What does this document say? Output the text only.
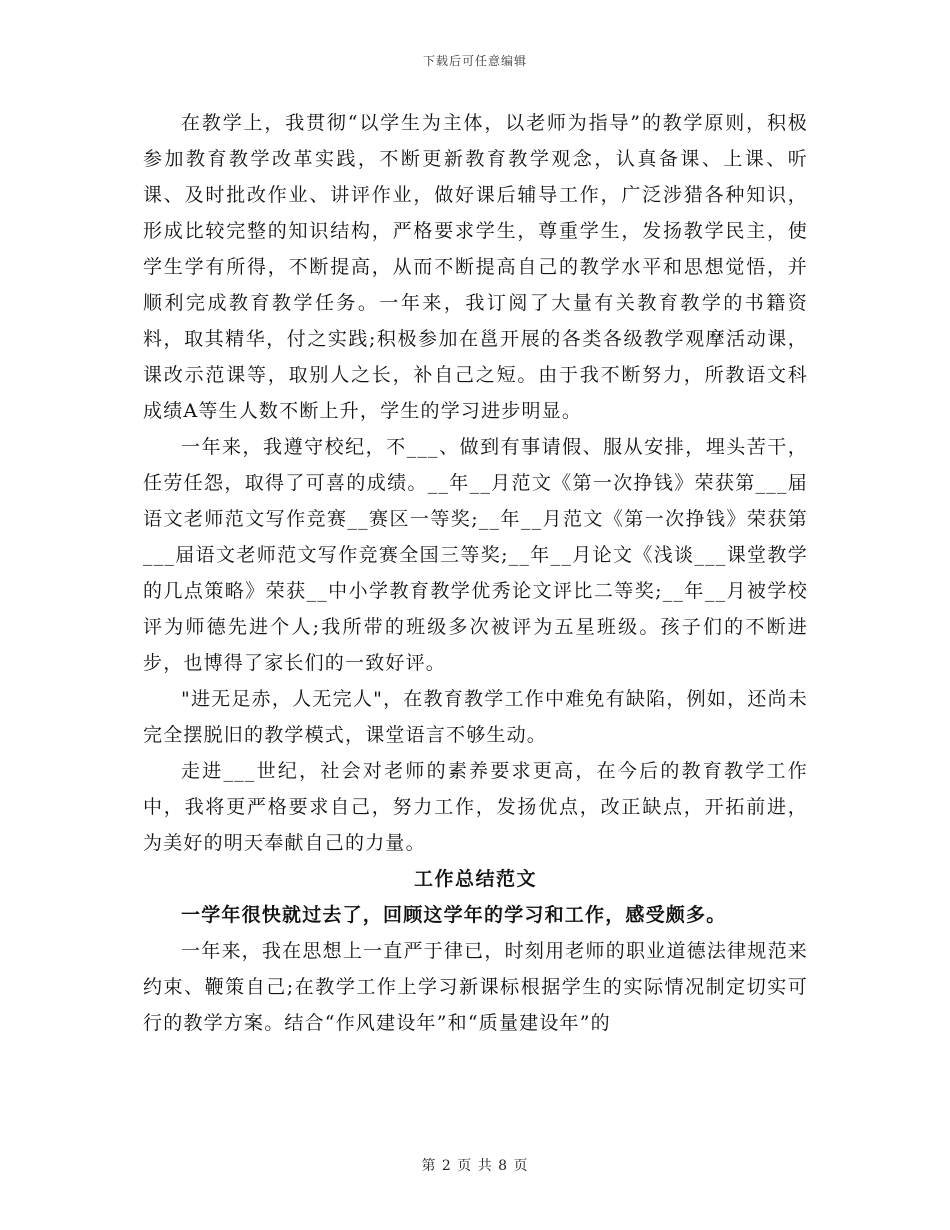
下载后可任意编辑

在教学上，我贯彻“以学生为主体，以老师为指导”的教学原则，积极参加教育教学改革实践，不断更新教育教学观念，认真备课、上课、听课、及时批改作业、讲评作业，做好课后辅导工作，广泛涉猎各种知识，形成比较完整的知识结构，严格要求学生，尊重学生，发扬教学民主，使学生学有所得，不断提高，从而不断提高自己的教学水平和思想觉悟，并顺利完成教育教学任务。一年来，我订阅了大量有关教育教学的书籍资料，取其精华，付之实践;积极参加在邕开展的各类各级教学观摩活动课，课改示范课等，取别人之长，补自己之短。由于我不断努力，所教语文科成绩A等生人数不断上升，学生的学习进步明显。

一年来，我遵守校纪，不___、做到有事请假、服从安排，埋头苦干，任劳任怨，取得了可喜的成绩。__年__月范文《第一次挣钱》荣获第___届语文老师范文写作竞赛__赛区一等奖;__年__月范文《第一次挣钱》荣获第___届语文老师范文写作竞赛全国三等奖;__年__月论文《浅谈___课堂教学的几点策略》荣获__中小学教育教学优秀论文评比二等奖;__年__月被学校评为师德先进个人;我所带的班级多次被评为五星班级。孩子们的不断进步，也博得了家长们的一致好评。

"进无足赤，人无完人"，在教育教学工作中难免有缺陷，例如，还尚未完全摆脱旧的教学模式，课堂语言不够生动。

走进___世纪，社会对老师的素养要求更高，在今后的教育教学工作中，我将更严格要求自己，努力工作，发扬优点，改正缺点，开拓前进，为美好的明天奉献自己的力量。

工作总结范文

一学年很快就过去了，回顾这学年的学习和工作，感受颇多。

一年来，我在思想上一直严于律已，时刻用老师的职业道德法律规范来约束、鞭策自己;在教学工作上学习新课标根据学生的实际情况制定切实可行的教学方案。结合“作风建设年”和“质量建设年”的

第 2 页 共 8 页
